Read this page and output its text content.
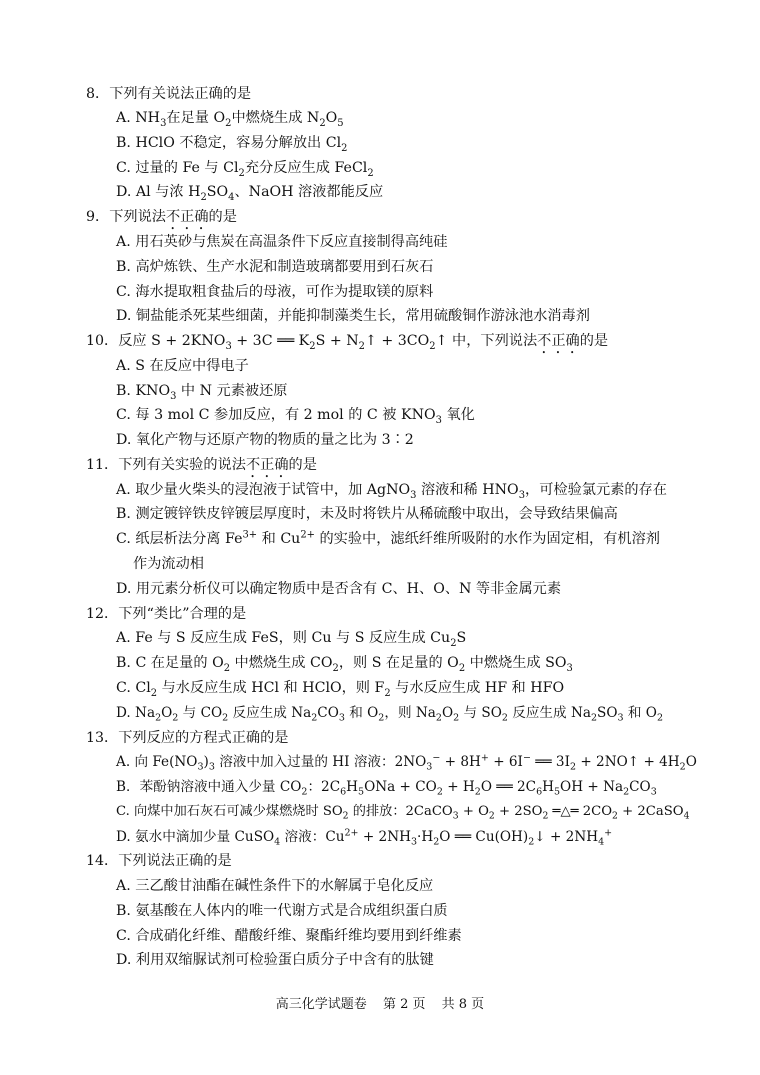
8．下列有关说法正确的是
A. $NH_3$在足量 $O_2$中燃烧生成 $N_2O_5$
B. HClO 不稳定，容易分解放出 $Cl_2$
C. 过量的 Fe 与 $Cl_2$充分反应生成 FeCl$_2$
D. Al 与浓 $H_2SO_4$、NaOH 溶液都能反应
9．下列说法不正确的是
A. 用石英砂与焦炭在高温条件下反应直接制得高纯硅
B. 高炉炼铁、生产水泥和制造玻璃都要用到石灰石
C. 海水提取粗食盐后的母液，可作为提取镁的原料
D. 铜盐能杀死某些细菌，并能抑制藻类生长，常用硫酸铜作游泳池水消毒剂
10．反应 $S + 2KNO_3 + 3C$ ══ $K_2S$ + $N_2↑$ + $3CO_2↑$ 中，下列说法不正确的是
A. S 在反应中得电子
B. $KNO_3$ 中 N 元素被还原
C. 每 3 mol C 参加反应，有 2 mol 的 C 被 $KNO_3$ 氧化
D. 氧化产物与还原产物的物质的量之比为 3∶2
11．下列有关实验的说法不正确的是
A. 取少量火柴头的浸泡液于试管中，加 AgNO$_3$ 溶液和稀 $HNO_3$，可检验氯元素的存在
B. 测定镀锌铁皮锌镀层厚度时，未及时将铁片从稀硫酸中取出，会导致结果偏高
C. 纸层析法分离 $Fe^{3+}$ 和 $Cu^{2+}$ 的实验中，滤纸纤维所吸附的水作为固定相，有机溶剂
作为流动相
D. 用元素分析仪可以确定物质中是否含有 C、H、O、N 等非金属元素
12．下列“类比”合理的是
A. Fe 与 S 反应生成 FeS，则 Cu 与 S 反应生成 $Cu_2S$
B. C 在足量的 $O_2$ 中燃烧生成 $CO_2$，则 S 在足量的 $O_2$ 中燃烧生成 $SO_3$
C. $Cl_2$ 与水反应生成 HCl 和 HClO，则 $F_2$ 与水反应生成 HF 和 HFO
D. $Na_2O_2$ 与 $CO_2$ 反应生成 $Na_2CO_3$ 和 $O_2$，则 $Na_2O_2$ 与 $SO_2$ 反应生成 $Na_2SO_3$ 和 $O_2$
13．下列反应的方程式正确的是
A. 向 $Fe(NO_3)_3$ 溶液中加入过量的 HI 溶液：$2NO_3^- + 8H^+ + 6I^-$ ══ $3I_2$ + 2NO↑ + $4H_2O$
B．苯酚钠溶液中通入少量 $CO_2$：$2C_6H_5ONa + CO_2 + H_2O$ ══ $2C_6H_5OH + Na_2CO_3$
C. 向煤中加石灰石可减少煤燃烧时 $SO_2$ 的排放：2CaCO$_3$ + $O_2 + 2SO_2$ ═△═ $2CO_2$ + 2CaSO$_4$
D. 氨水中滴加少量 CuSO$_4$ 溶液：$Cu^{2+} + 2NH_3\cdot H_2O$ ══ $Cu(OH)_2↓ + 2NH_4^+$
14．下列说法正确的是
A. 三乙酸甘油酯在碱性条件下的水解属于皂化反应
B. 氨基酸在人体内的唯一代谢方式是合成组织蛋白质
C. 合成硝化纤维、醋酸纤维、聚酯纤维均要用到纤维素
D. 利用双缩脲试剂可检验蛋白质分子中含有的肽键
高三化学试题卷 第 2 页 共 8 页
